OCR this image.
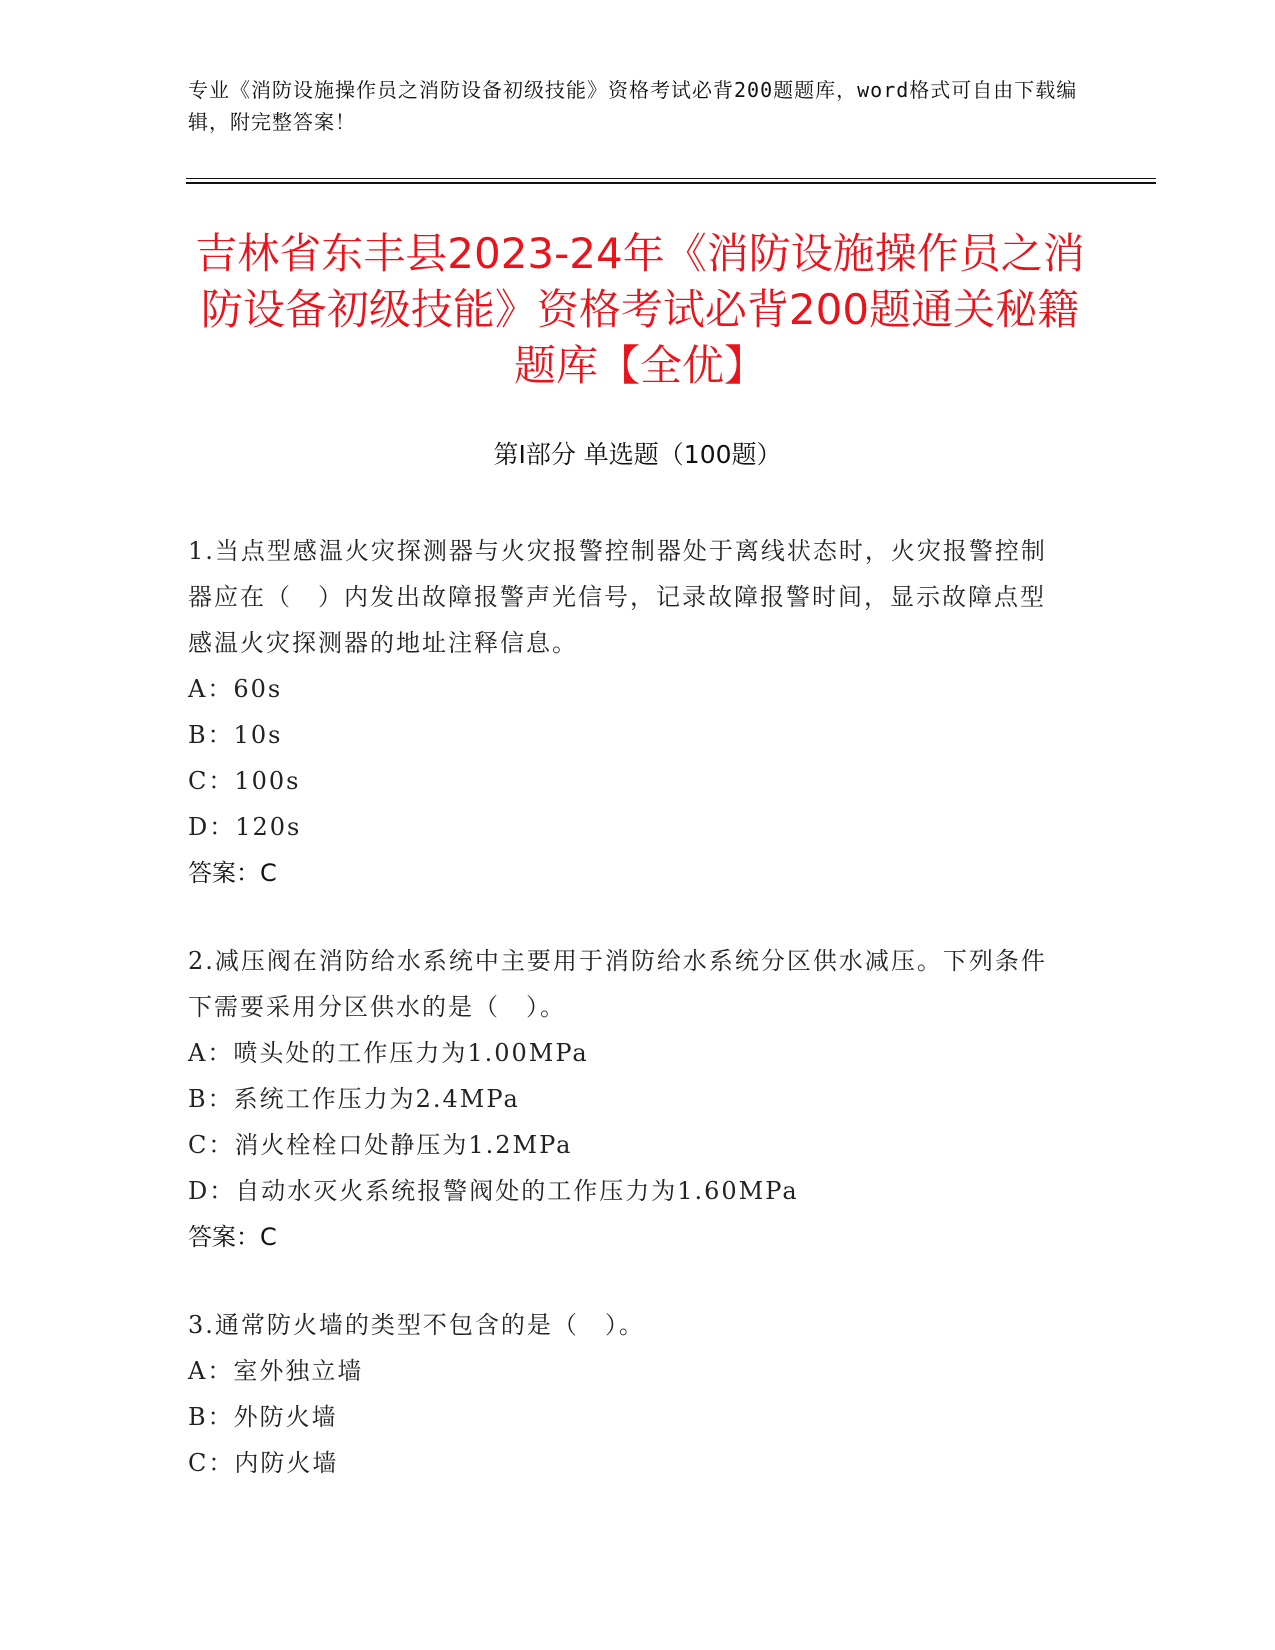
专业《消防设施操作员之消防设备初级技能》资格考试必背200题题库，word格式可自由下载编辑，附完整答案！
吉林省东丰县2023-24年《消防设施操作员之消防设备初级技能》资格考试必背200题通关秘籍题库【全优】
第I部分 单选题（100题）
1.当点型感温火灾探测器与火灾报警控制器处于离线状态时，火灾报警控制器应在（　）内发出故障报警声光信号，记录故障报警时间，显示故障点型感温火灾探测器的地址注释信息。
A：60s
B：10s
C：100s
D：120s
答案：C
2.减压阀在消防给水系统中主要用于消防给水系统分区供水减压。下列条件下需要采用分区供水的是（　）。
A：喷头处的工作压力为1.00MPa
B：系统工作压力为2.4MPa
C：消火栓栓口处静压为1.2MPa
D：自动水灭火系统报警阀处的工作压力为1.60MPa
答案：C
3.通常防火墙的类型不包含的是（　）。
A：室外独立墙
B：外防火墙
C：内防火墙
